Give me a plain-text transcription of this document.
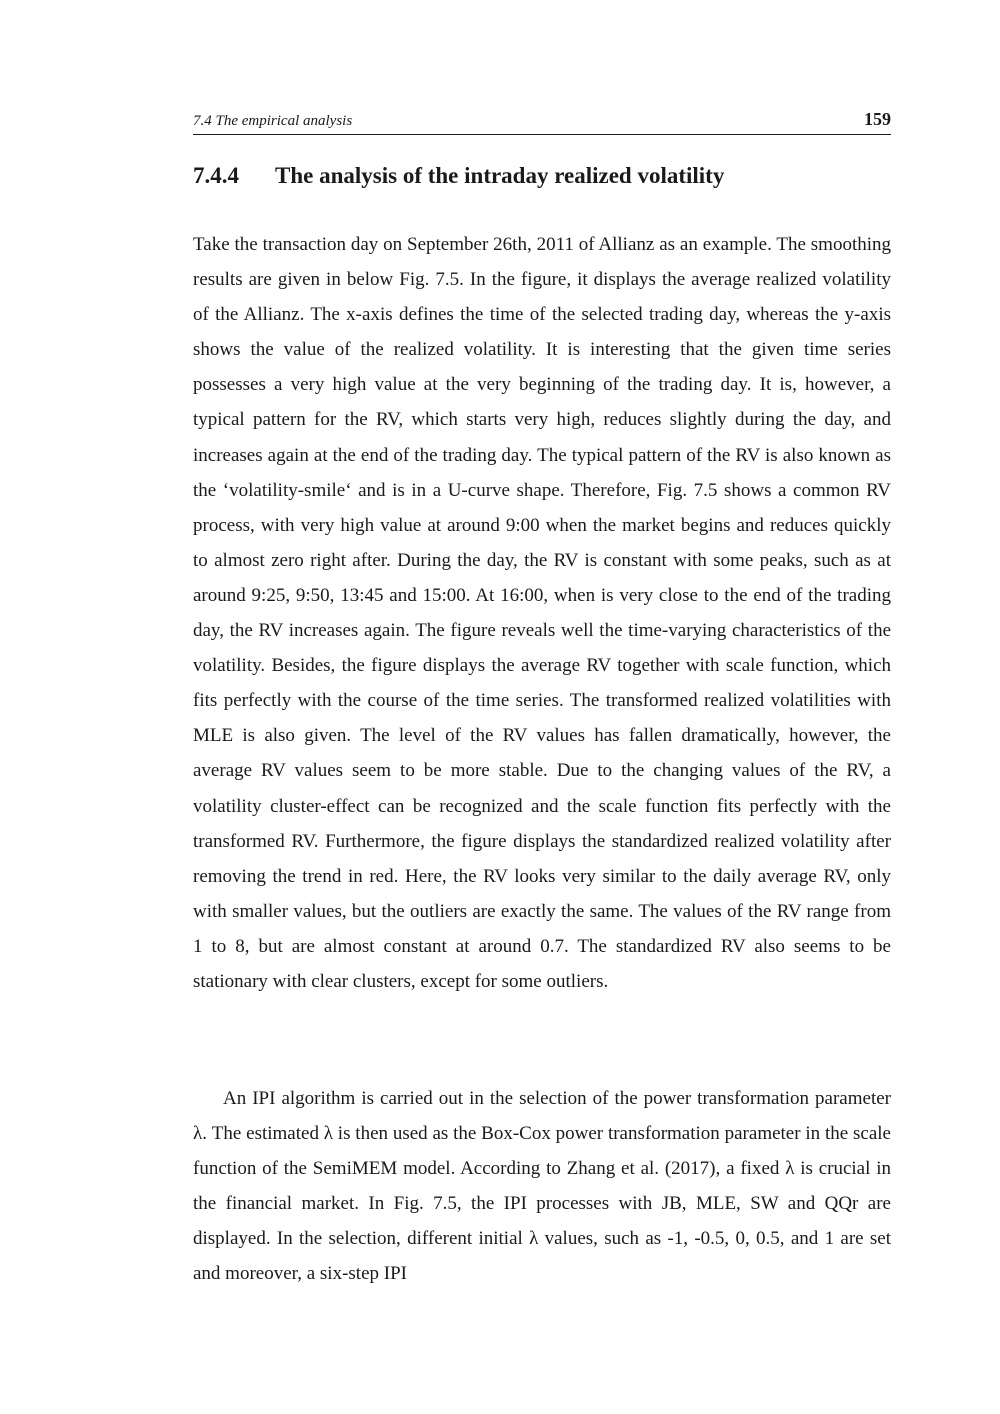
7.4 The empirical analysis	159
7.4.4 The analysis of the intraday realized volatility

Take the transaction day on September 26th, 2011 of Allianz as an example. The smoothing results are given in below Fig. 7.5. In the figure, it displays the average realized volatility of the Allianz. The x-axis defines the time of the selected trading day, whereas the y-axis shows the value of the realized volatility. It is interesting that the given time series possesses a very high value at the very beginning of the trading day. It is, however, a typical pattern for the RV, which starts very high, reduces slightly during the day, and increases again at the end of the trading day. The typical pattern of the RV is also known as the ‘volatility-smile‘ and is in a U-curve shape. Therefore, Fig. 7.5 shows a common RV process, with very high value at around 9:00 when the market begins and reduces quickly to almost zero right after. During the day, the RV is constant with some peaks, such as at around 9:25, 9:50, 13:45 and 15:00. At 16:00, when is very close to the end of the trading day, the RV increases again. The figure reveals well the time-varying characteristics of the volatility. Besides, the figure displays the average RV together with scale function, which fits perfectly with the course of the time series. The transformed realized volatilities with MLE is also given. The level of the RV values has fallen dramatically, however, the average RV values seem to be more stable. Due to the changing values of the RV, a volatility cluster-effect can be recognized and the scale function fits perfectly with the transformed RV. Furthermore, the figure displays the standardized realized volatility after removing the trend in red. Here, the RV looks very similar to the daily average RV, only with smaller values, but the outliers are exactly the same. The values of the RV range from 1 to 8, but are almost constant at around 0.7. The standardized RV also seems to be stationary with clear clusters, except for some outliers.

An IPI algorithm is carried out in the selection of the power transformation parameter λ. The estimated λ is then used as the Box-Cox power transformation parameter in the scale function of the SemiMEM model. According to Zhang et al. (2017), a fixed λ is crucial in the financial market. In Fig. 7.5, the IPI processes with JB, MLE, SW and QQr are displayed. In the selection, different initial λ values, such as -1, -0.5, 0, 0.5, and 1 are set and moreover, a six-step IPI
